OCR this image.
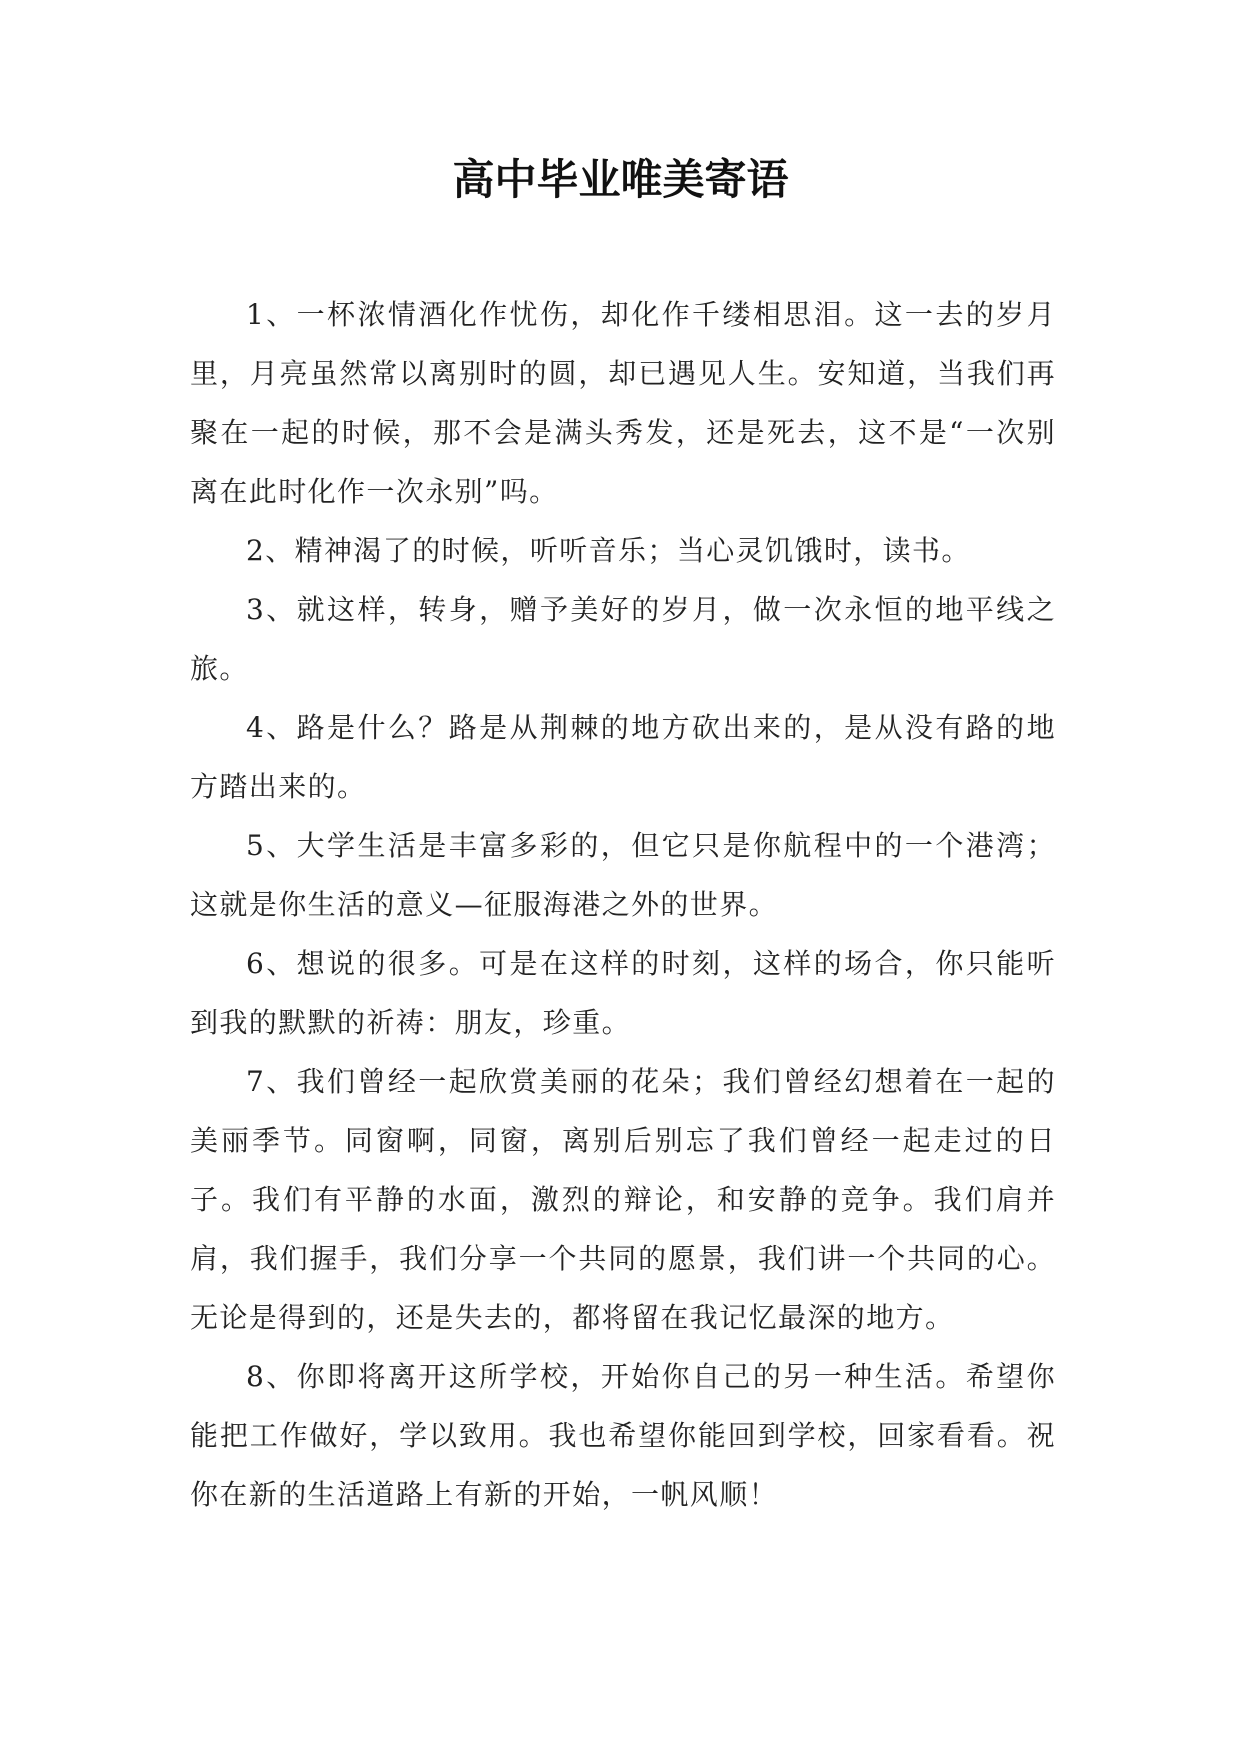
高中毕业唯美寄语

1、一杯浓情酒化作忧伤，却化作千缕相思泪。这一去的岁月里，月亮虽然常以离别时的圆，却已遇见人生。安知道，当我们再聚在一起的时候，那不会是满头秀发，还是死去，这不是“一次别离在此时化作一次永别”吗。

2、精神渴了的时候，听听音乐；当心灵饥饿时，读书。

3、就这样，转身，赠予美好的岁月，做一次永恒的地平线之旅。

4、路是什么？路是从荆棘的地方砍出来的，是从没有路的地方踏出来的。

5、大学生活是丰富多彩的，但它只是你航程中的一个港湾；这就是你生活的意义—征服海港之外的世界。

6、想说的很多。可是在这样的时刻，这样的场合，你只能听到我的默默的祈祷：朋友，珍重。

7、我们曾经一起欣赏美丽的花朵；我们曾经幻想着在一起的美丽季节。同窗啊，同窗，离别后别忘了我们曾经一起走过的日子。我们有平静的水面，激烈的辩论，和安静的竞争。我们肩并肩，我们握手，我们分享一个共同的愿景，我们讲一个共同的心。无论是得到的，还是失去的，都将留在我记忆最深的地方。

8、你即将离开这所学校，开始你自己的另一种生活。希望你能把工作做好，学以致用。我也希望你能回到学校，回家看看。祝你在新的生活道路上有新的开始，一帆风顺！
